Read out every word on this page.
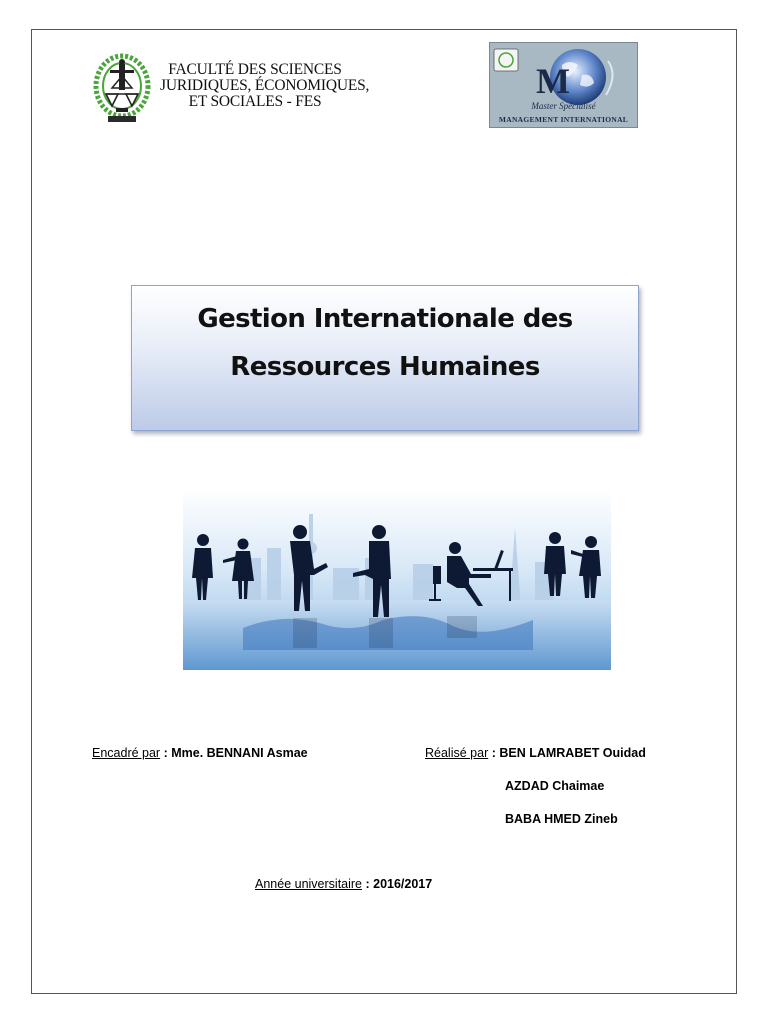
FACULTÉ DES SCIENCES
JURIDIQUES, ÉCONOMIQUES,
ET SOCIALES - FES
M
Master Spécialisé
MANAGEMENT INTERNATIONAL
Gestion Internationale des
Ressources Humaines
Encadré par : Mme. BENNANI Asmae	Réalisé par : BEN LAMRABET Ouidad
AZDAD Chaimae
BABA HMED Zineb
Année universitaire : 2016/2017
